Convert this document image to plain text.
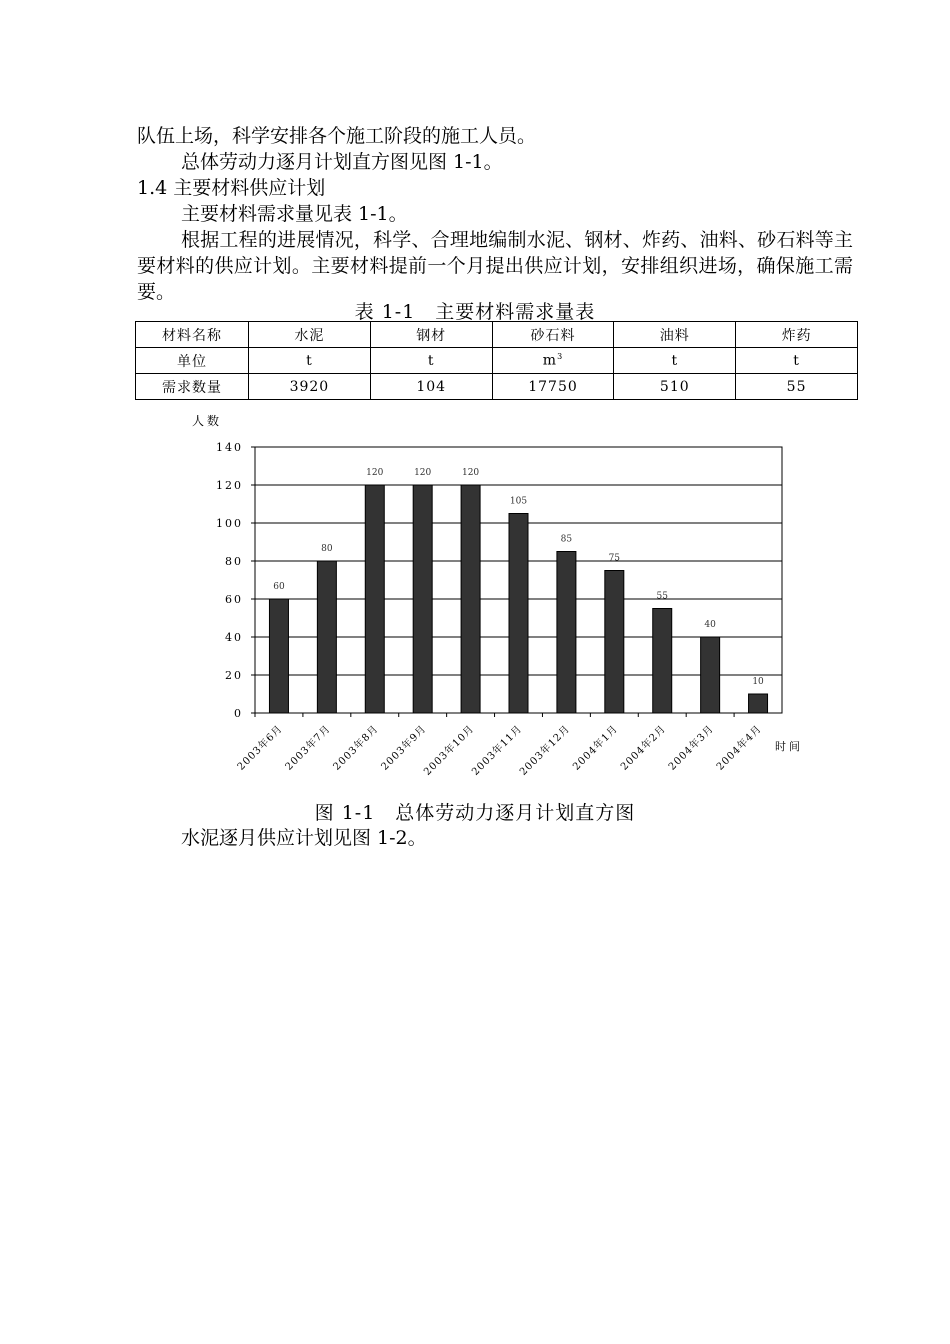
队伍上场，科学安排各个施工阶段的施工人员。

总体劳动力逐月计划直方图见图 1-1。

1.4 主要材料供应计划

主要材料需求量见表 1-1。

根据工程的进展情况，科学、合理地编制水泥、钢材、炸药、油料、砂石料等主要材料的供应计划。主要材料提前一个月提出供应计划，安排组织进场，确保施工需要。

表 1-1　主要材料需求量表

材料名称	水泥	钢材	砂石料	油料	炸药
单位	t	t	$m^3$	t	t
需求数量	3920	104	17750	510	55
0
20
40
60
80
100
120
140
人数
时间
60
2003年6月
80
2003年7月
120
2003年8月
120
2003年9月
120
2003年10月
105
2003年11月
85
2003年12月
75
2004年1月
55
2004年2月
40
2004年3月
10
2004年4月

图 1-1　总体劳动力逐月计划直方图

水泥逐月供应计划见图 1-2。
